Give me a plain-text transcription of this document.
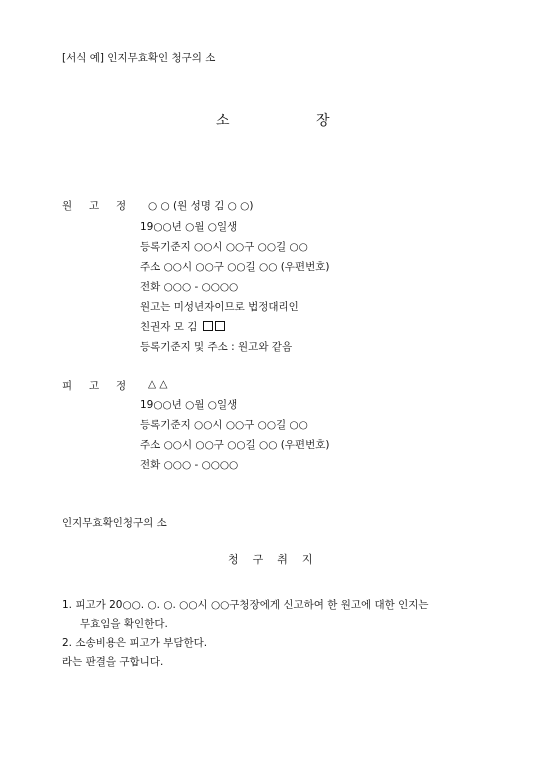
[서식 예] 인지무효확인 청구의 소
소	장
원 고 정	○ ○ (원 성명 김 ○ ○)
19○○년 ○월 ○일생
등록기준지 ○○시 ○○구 ○○길 ○○
주소 ○○시 ○○구 ○○길 ○○ (우편번호)
전화 ○○○ - ○○○○
원고는 미성년자이므로 법정대리인
친권자 모 김
등록기준지 및 주소 : 원고와 같음
피 고 정	△ △
19○○년 ○월 ○일생
등록기준지 ○○시 ○○구 ○○길 ○○
주소 ○○시 ○○구 ○○길 ○○ (우편번호)
전화 ○○○ - ○○○○
인지무효확인청구의 소
청 구 취 지
1. 피고가 20○○. ○. ○. ○○시 ○○구청장에게 신고하여 한 원고에 대한 인지는
무효임을 확인한다.
2. 소송비용은 피고가 부담한다.
라는 판결을 구합니다.
